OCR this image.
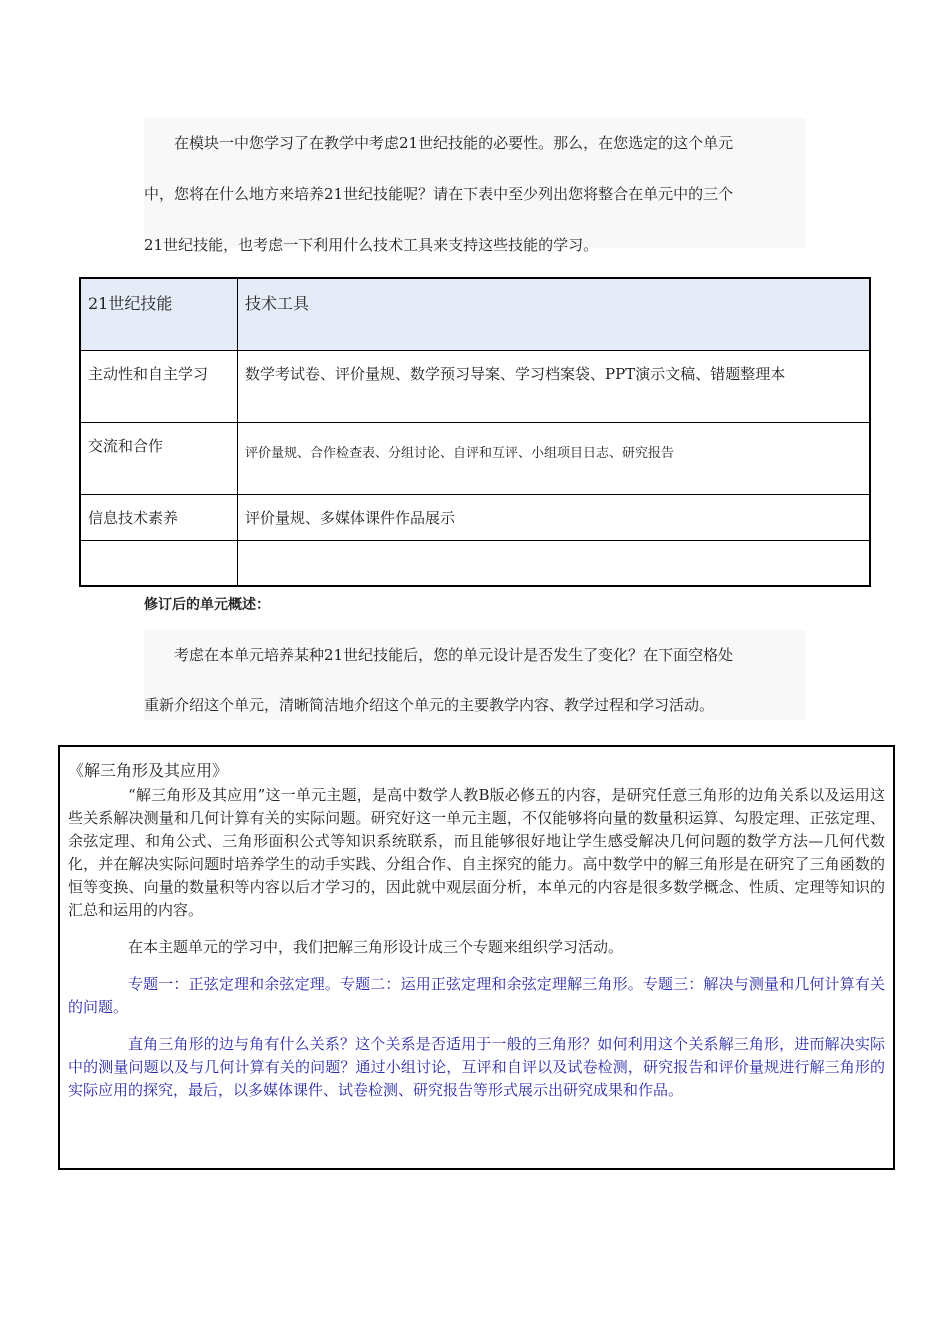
在模块一中您学习了在教学中考虑21世纪技能的必要性。那么，在您选定的这个单元

中，您将在什么地方来培养21世纪技能呢？请在下表中至少列出您将整合在单元中的三个

21世纪技能，也考虑一下利用什么技术工具来支持这些技能的学习。

21世纪技能	技术工具
主动性和自主学习	数学考试卷、评价量规、数学预习导案、学习档案袋、PPT演示文稿、错题整理本
交流和合作	评价量规、合作检查表、分组讨论、自评和互评、小组项目日志、研究报告

信息技术素养	评价量规、多媒体课件作品展示

修订后的单元概述：

考虑在本单元培养某种21世纪技能后，您的单元设计是否发生了变化？在下面空格处

重新介绍这个单元，清晰简洁地介绍这个单元的主要教学内容、教学过程和学习活动。

《解三角形及其应用》

“解三角形及其应用”这一单元主题，是高中数学人教B版必修五的内容，是研究任意三角形的边角关系以及运用这些关系解决测量和几何计算有关的实际问题。研究好这一单元主题，不仅能够将向量的数量积运算、勾股定理、正弦定理、余弦定理、和角公式、三角形面积公式等知识系统联系，而且能够很好地让学生感受解决几何问题的数学方法—几何代数化，并在解决实际问题时培养学生的动手实践、分组合作、自主探究的能力。高中数学中的解三角形是在研究了三角函数的恒等变换、向量的数量积等内容以后才学习的，因此就中观层面分析，本单元的内容是很多数学概念、性质、定理等知识的汇总和运用的内容。

在本主题单元的学习中，我们把解三角形设计成三个专题来组织学习活动。

专题一：正弦定理和余弦定理。专题二：运用正弦定理和余弦定理解三角形。专题三：解决与测量和几何计算有关的问题。

直角三角形的边与角有什么关系？这个关系是否适用于一般的三角形？如何利用这个关系解三角形，进而解决实际中的测量问题以及与几何计算有关的问题？通过小组讨论，互评和自评以及试卷检测，研究报告和评价量规进行解三角形的实际应用的探究，最后，以多媒体课件、试卷检测、研究报告等形式展示出研究成果和作品。
